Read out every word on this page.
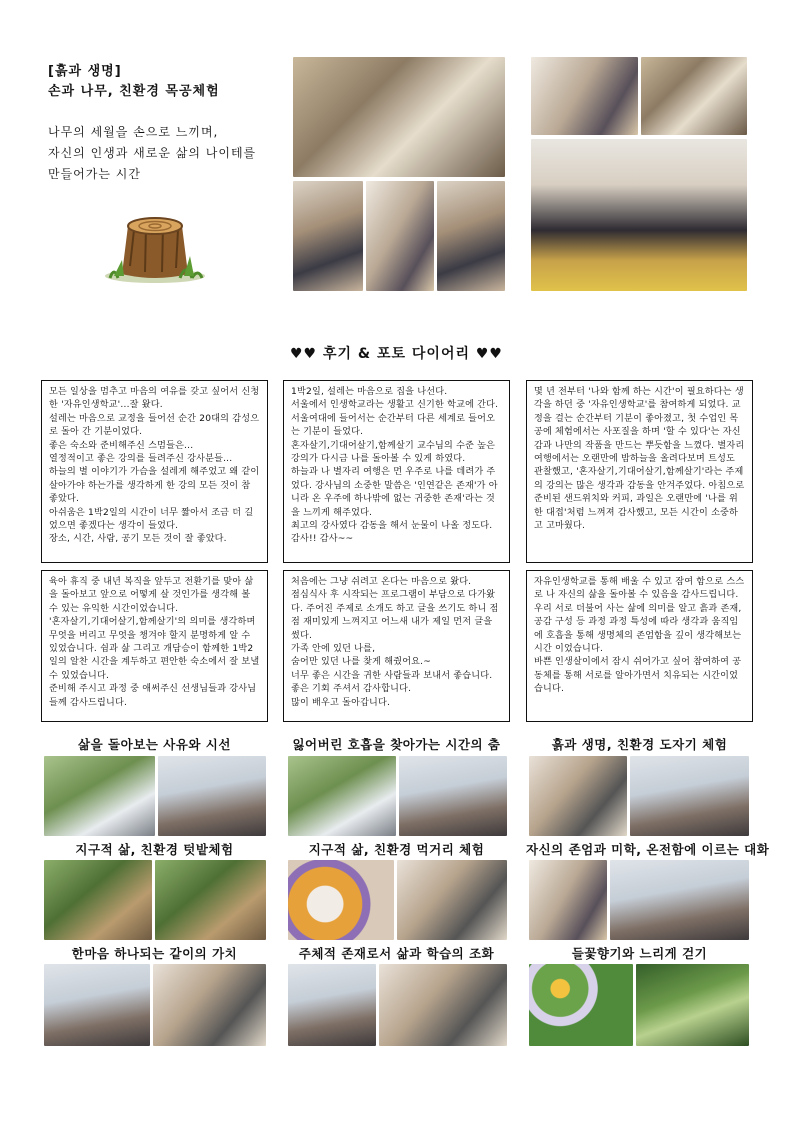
[흙과 생명]
손과 나무, 친환경 목공체험
나무의 세월을 손으로 느끼며,
자신의 인생과 새로운 삶의 나이테를
만들어가는 시간
♥♥ 후기 & 포토 다이어리 ♥♥

모든 일상을 멈추고 마음의 여유를 갖고 싶어서 신청한 '자유인생학교'...잘 왔다.
설레는 마음으로 교정을 들어선 순간 20대의 감성으로 돌아 간 기분이었다.
좋은 숙소와 준비해주신 스멈들은...
열정적이고 좋은 강의를 들려주신 강사분들...
하늘의 별 이야기가 가슴을 설레게 해주었고 왜 같이 살아가야 하는가를 생각하게 한 강의 모든 것이 참 좋았다.
아쉬움은 1박2일의 시간이 너무 짧아서 조금 더 길었으면 좋겠다는 생각이 들었다.
장소, 시간, 사람, 공기 모든 것이 잘 좋았다.

1박2일, 설레는 마음으로 집을 나선다.
서울에서 인생학교라는 생활고 신기한 학교에 간다.
서울여대에 들어서는 순간부터 다른 세계로 들어오는 기분이 들었다.
혼자살기,기대어살기,함께살기 교수님의 수준 높은 강의가 다시금 나를 돌아볼 수 있게 하였다.
하늘과 나 별자리 여행은 먼 우주로 나를 데려가 주었다. 강사님의 소중한 말씀은 '인연같은 존재'가 아니라 온 우주에 하나밖에 없는 귀중한 존재'라는 것을 느끼게 해주었다.
최고의 강사였다 감동을 해서 눈물이 나올 정도다.
감사!! 감사~~

몇 년 전부터 '나와 함께 하는 시간'이 필요하다는 생각을 하던 중 '자유인생학교'를 참여하게 되었다. 교정을 걸는 순간부터 기분이 좋아졌고, 첫 수업인 목공에 체험에서는 사포질을 하며 '할 수 있다'는 자신감과 나만의 작품을 만드는 뿌듯함을 느꼈다. 별자리 여행에서는 오랜만에 밤하늘을 올려다보며 트성도 관찰했고, '혼자살기,기대어살기,함께살기'라는 주제의 강의는 많은 생각과 감동을 안겨주었다. 아침으로 준비된 샌드위치와 커피, 과일은 오랜만에 '나를 위한 대접'처럼 느껴져 감사했고, 모든 시간이 소중하고 고마웠다.

육아 휴직 중 내년 복직을 앞두고 전환기를 맞아 삶을 돌아보고 앞으로 어떻게 살 것인가를 생각해 볼 수 있는 유익한 시간이었습니다.
'혼자살기,기대어살기,함께살기'의 의미를 생각하며 무엇을 버리고 무엇을 챙겨야 할지 분명하게 알 수 있었습니다. 쉼과 삶 그리고 개담승이 함께한 1박2일의 알찬 시간을 계두하고 편안한 숙소에서 잘 보낼 수 있었습니다.
준비해 주시고 과정 중 애써주신 선생님들과 강사님들께 감사드립니다.

처음에는 그냥 쉬려고 온다는 마음으로 왔다.
점심식사 후 시작되는 프로그램이 부담으로 다가왔다. 주어진 주제로 소개도 하고 글을 쓰기도 하니 점점 재미있게 느껴지고 어느새 내가 제일 먼저 글을 썼다.
가족 안에 있던 나를,
숨어만 있던 나를 찾게 해줬어요.~
너무 좋은 시간을 귀한 사람들과 보내서 좋습니다.
좋은 기회 주셔서 감사합니다.
많이 배우고 돌아갑니다.

자유인생학교를 통해 배울 수 있고 잠여 함으로 스스로 나 자신의 삶을 돌아볼 수 있음을 감사드립니다.
우리 서로 더불어 사는 삶에 의미를 알고 흙과 존재, 공감 구성 등 과정 과정 특성에 따라 생각과 움직임에 호흡을 통해 생명체의 존엄함을 깊이 생각해보는 시간 이었습니다.
바쁜 인생살이에서 잠시 쉬어가고 싶어 참여하여 공동체를 통해 서로를 알아가면서 치유되는 시간이었습니다.

삶을 돌아보는 사유와 시선	잃어버린 호흡을 찾아가는 시간의 춤	흙과 생명, 친환경 도자기 체험
지구적 삶, 친환경 텃밭체험	지구적 삶, 친환경 먹거리 체험	자신의 존엄과 미학, 온전함에 이르는 대화
한마음 하나되는 같이의 가치	주체적 존재로서 삶과 학습의 조화	들꽃향기와 느리게 걷기
